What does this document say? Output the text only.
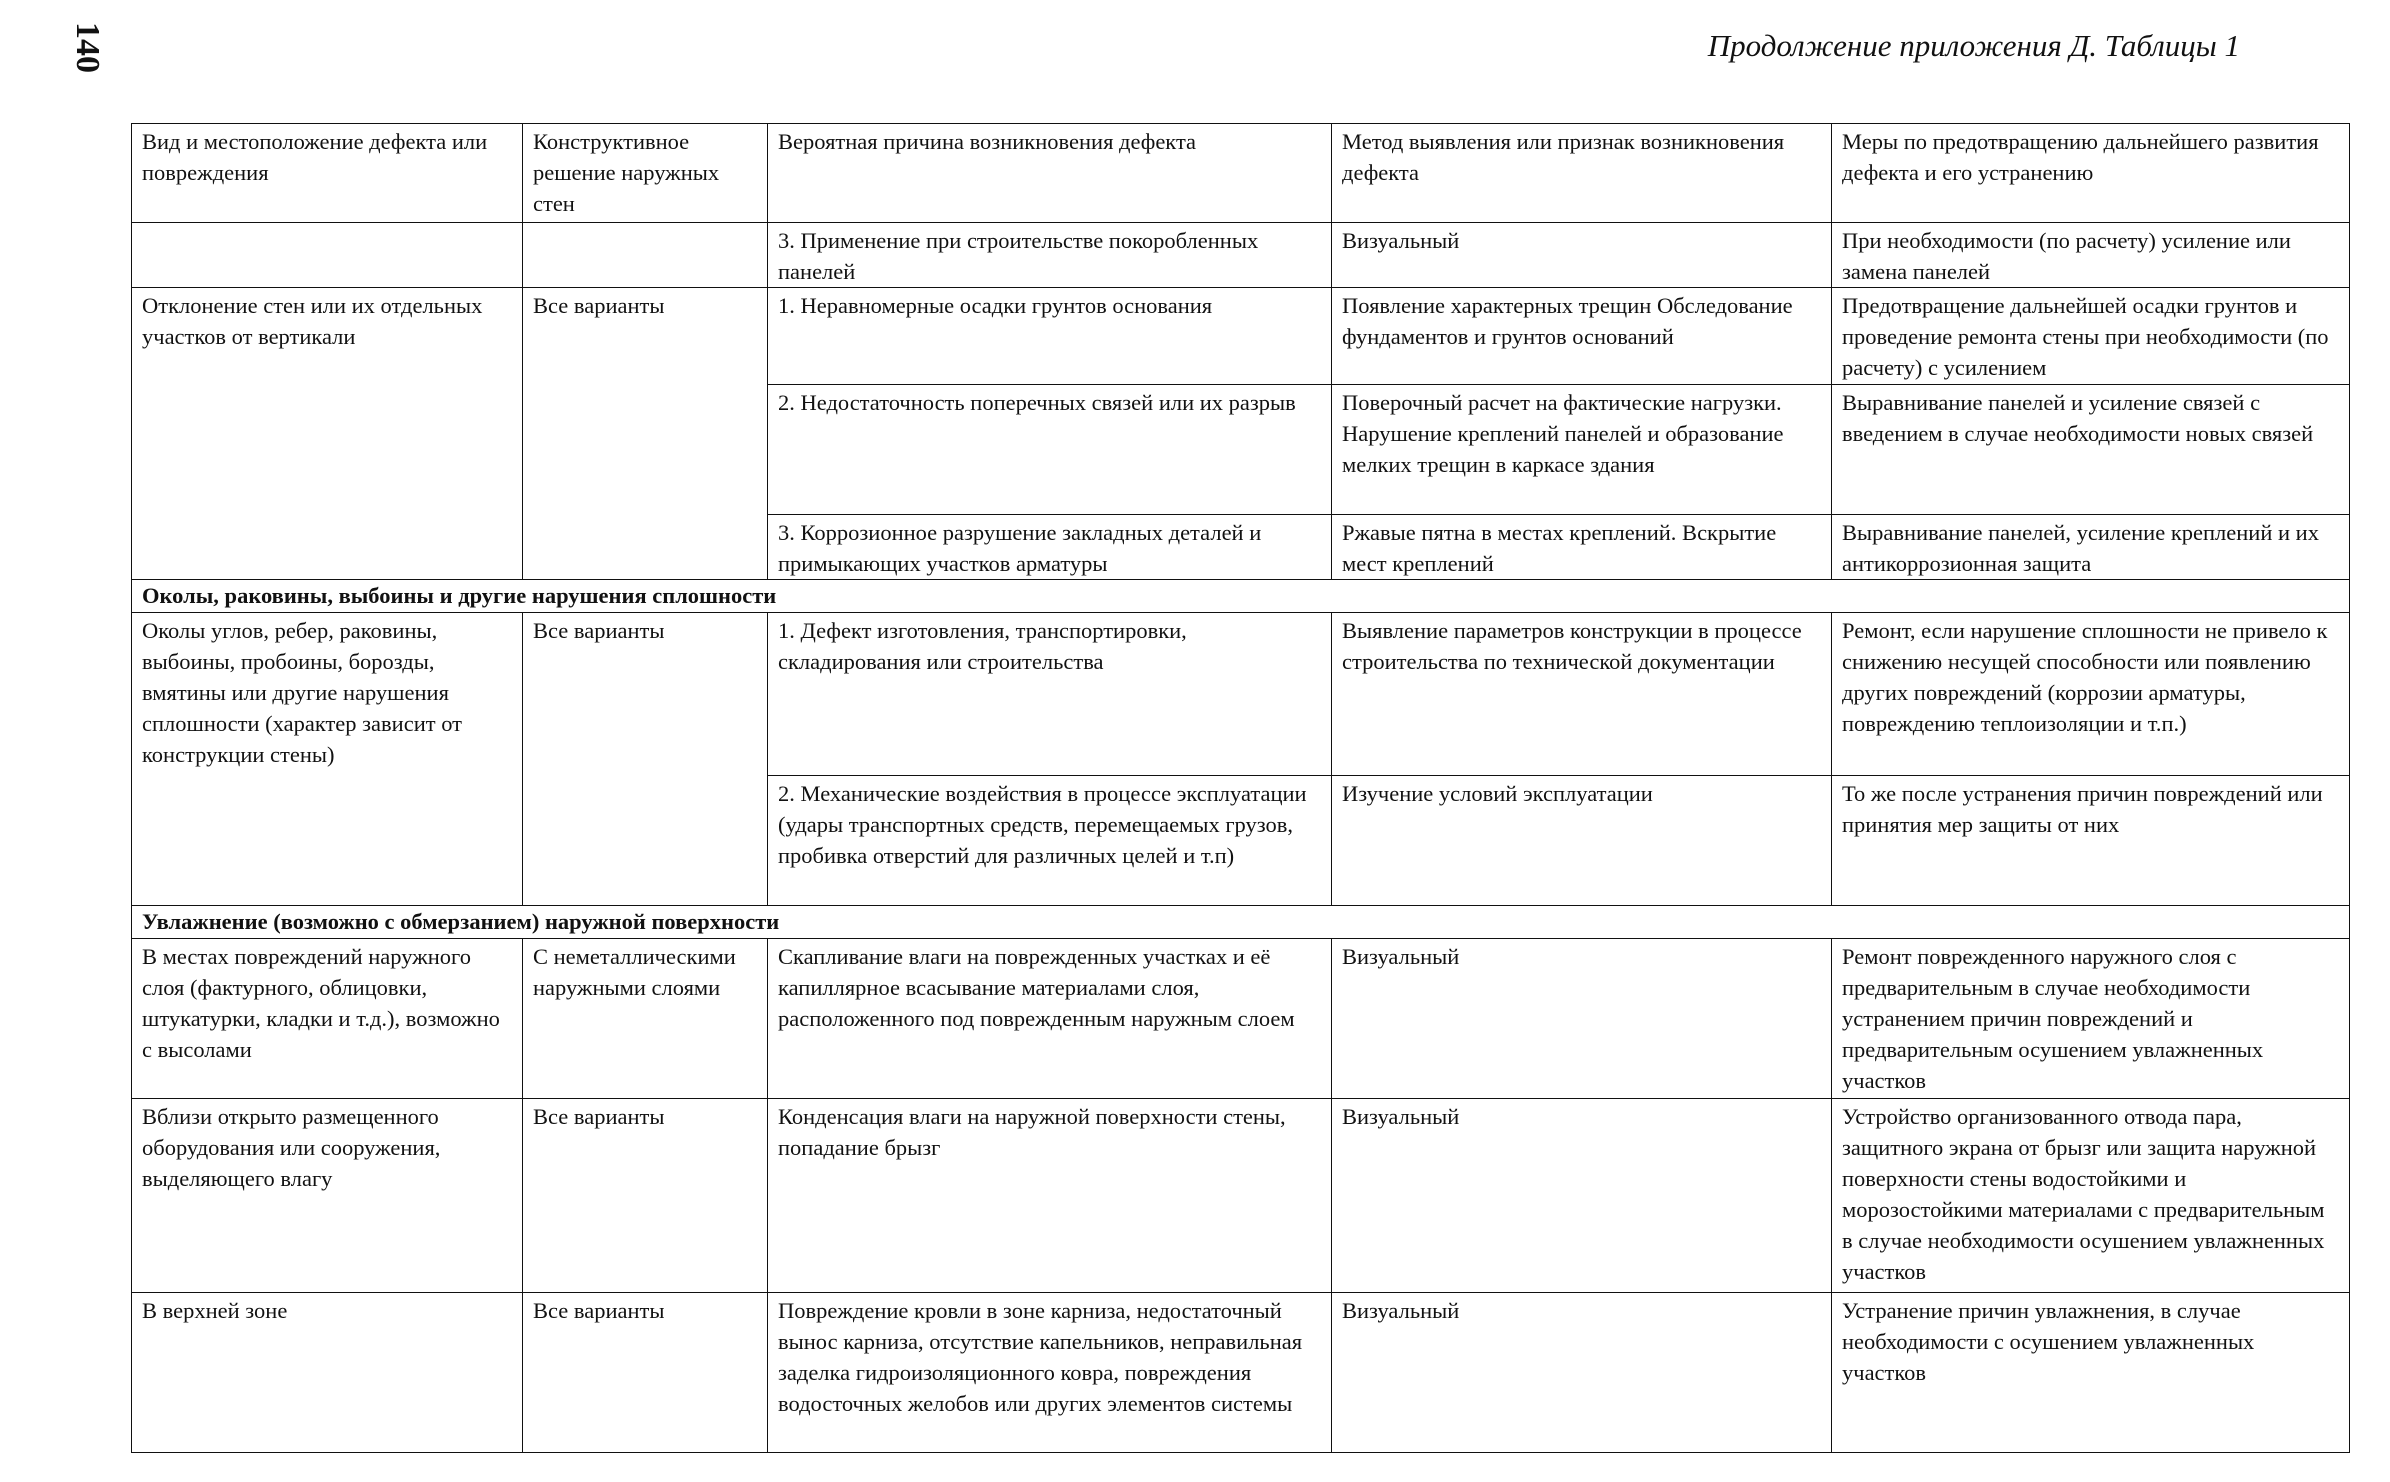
140	Продолжение приложения Д. Таблицы 1
Вид и местоположение дефекта или повреждения	Конструктивное решение наружных стен	Вероятная причина возникновения дефекта	Метод выявления или признак возникновения дефекта	Меры по предотвращению дальнейшего развития дефекта и его устранению
		3. Применение при строительстве покоробленных панелей	Визуальный	При необходимости (по расчету) усиление или замена панелей
Отклонение стен или их отдельных участков от вертикали	Все варианты	1. Неравномерные осадки грунтов основания	Появление характерных трещин Обследование фундаментов и грунтов оснований	Предотвращение дальнейшей осадки грунтов и проведение ремонта стены при необходимости (по расчету) с усилением
		2. Недостаточность поперечных связей или их разрыв	Поверочный расчет на фактические нагрузки. Нарушение креплений панелей и образование мелких трещин в каркасе здания	Выравнивание панелей и усиление связей с введением в случае необходимости новых связей
		3. Коррозионное разрушение закладных деталей и примыкающих участков арматуры	Ржавые пятна в местах креплений. Вскрытие мест креплений	Выравнивание панелей, усиление креплений и их антикоррозионная защита
Околы, раковины, выбоины и другие нарушения сплошности				
Околы углов, ребер, раковины, выбоины, пробоины, борозды, вмятины или другие нарушения сплошности (характер зависит от конструкции стены)	Все варианты	1. Дефект изготовления, транспортировки, складирования или строительства	Выявление параметров конструкции в процессе строительства по технической документации	Ремонт, если нарушение сплошности не привело к снижению несущей способности или появлению других повреждений (коррозии арматуры, повреждению теплоизоляции и т.п.)
		2. Механические воздействия в процессе эксплуатации (удары транспортных средств, перемещаемых грузов, пробивка отверстий для различных целей и т.п)	Изучение условий эксплуатации	То же после устранения причин повреждений или принятия мер защиты от них
Увлажнение (возможно с обмерзанием) наружной поверхности				
В местах повреждений наружного слоя (фактурного, облицовки, штукатурки, кладки и т.д.), возможно с высолами	С неметаллическими наружными слоями	Скапливание влаги на поврежденных участках и её капиллярное всасывание материалами слоя, расположенного под поврежденным наружным слоем	Визуальный	Ремонт поврежденного наружного слоя с предварительным в случае необходимости устранением причин повреждений и предварительным осушением увлажненных участков
Вблизи открыто размещенного оборудования или сооружения, выделяющего влагу	Все варианты	Конденсация влаги на наружной поверхности стены, попадание брызг	Визуальный	Устройство организованного отвода пара, защитного экрана от брызг или защита наружной поверхности стены водостойкими и морозостойкими материалами с предварительным в случае необходимости осушением увлажненных участков
В верхней зоне	Все варианты	Повреждение кровли в зоне карниза, недостаточный вынос карниза, отсутствие капельников, неправильная заделка гидроизоляционного ковра, повреждения водосточных желобов или других элементов системы	Визуальный	Устранение причин увлажнения, в случае необходимости с осушением увлажненных участков
